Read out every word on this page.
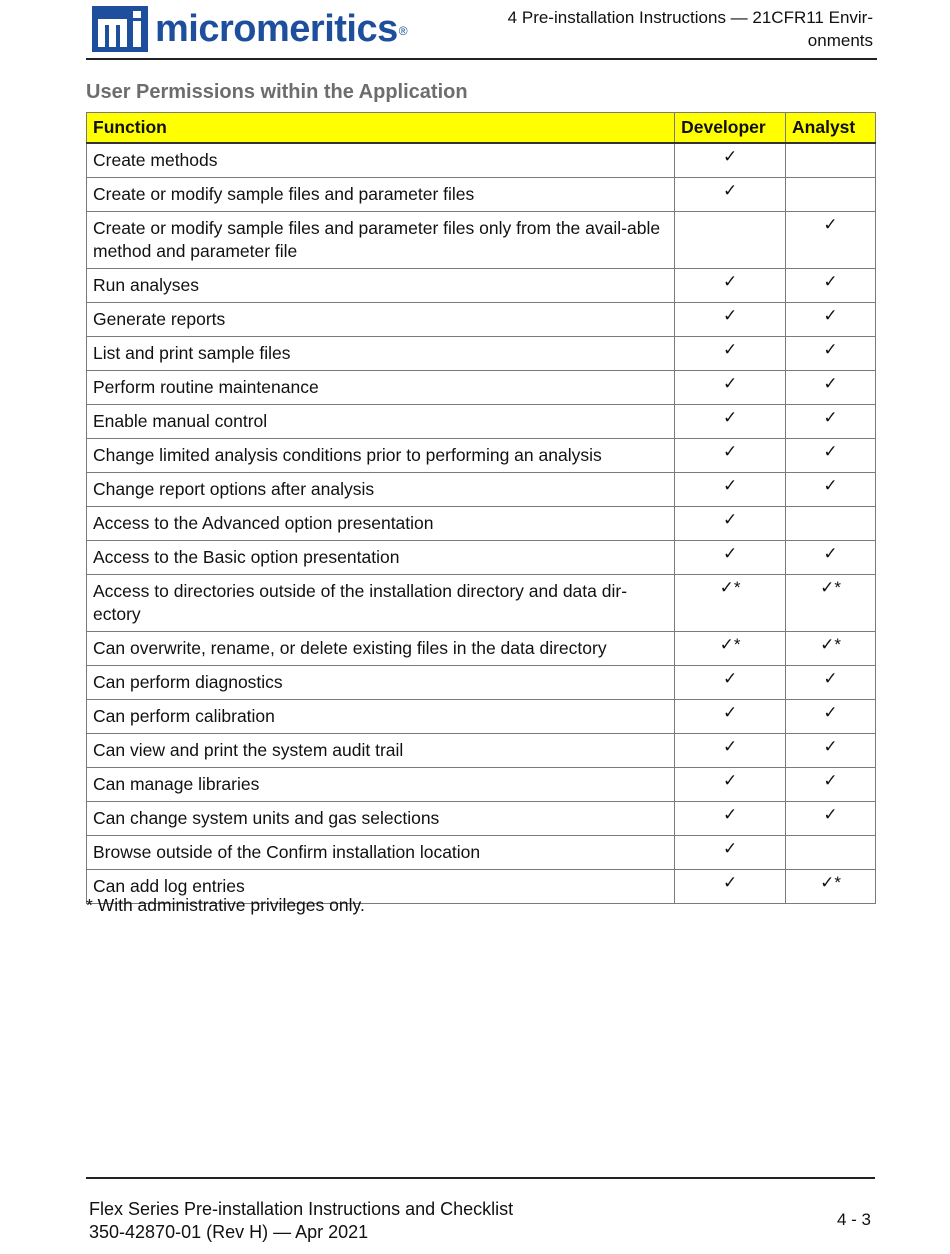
micromeritics ®
4 Pre-installation Instructions — 21CFR11 Envir-onments
User Permissions within the Application
Function	Developer	Analyst
Create methods	✓	
Create or modify sample files and parameter files	✓	
Create or modify sample files and parameter files only from the avail-able method and parameter file		✓
Run analyses	✓	✓
Generate reports	✓	✓
List and print sample files	✓	✓
Perform routine maintenance	✓	✓
Enable manual control	✓	✓
Change limited analysis conditions prior to performing an analysis	✓	✓
Change report options after analysis	✓	✓
Access to the Advanced option presentation	✓	
Access to the Basic option presentation	✓	✓
Access to directories outside of the installation directory and data dir-ectory	✓*	✓*
Can overwrite, rename, or delete existing files in the data directory	✓*	✓*
Can perform diagnostics	✓	✓
Can perform calibration	✓	✓
Can view and print the system audit trail	✓	✓
Can manage libraries	✓	✓
Can change system units and gas selections	✓	✓
Browse outside of the Confirm installation location	✓	
Can add log entries	✓	✓*
* With administrative privileges only.
Flex Series Pre-installation Instructions and Checklist
350-42870-01 (Rev H) — Apr 2021
4 - 3
